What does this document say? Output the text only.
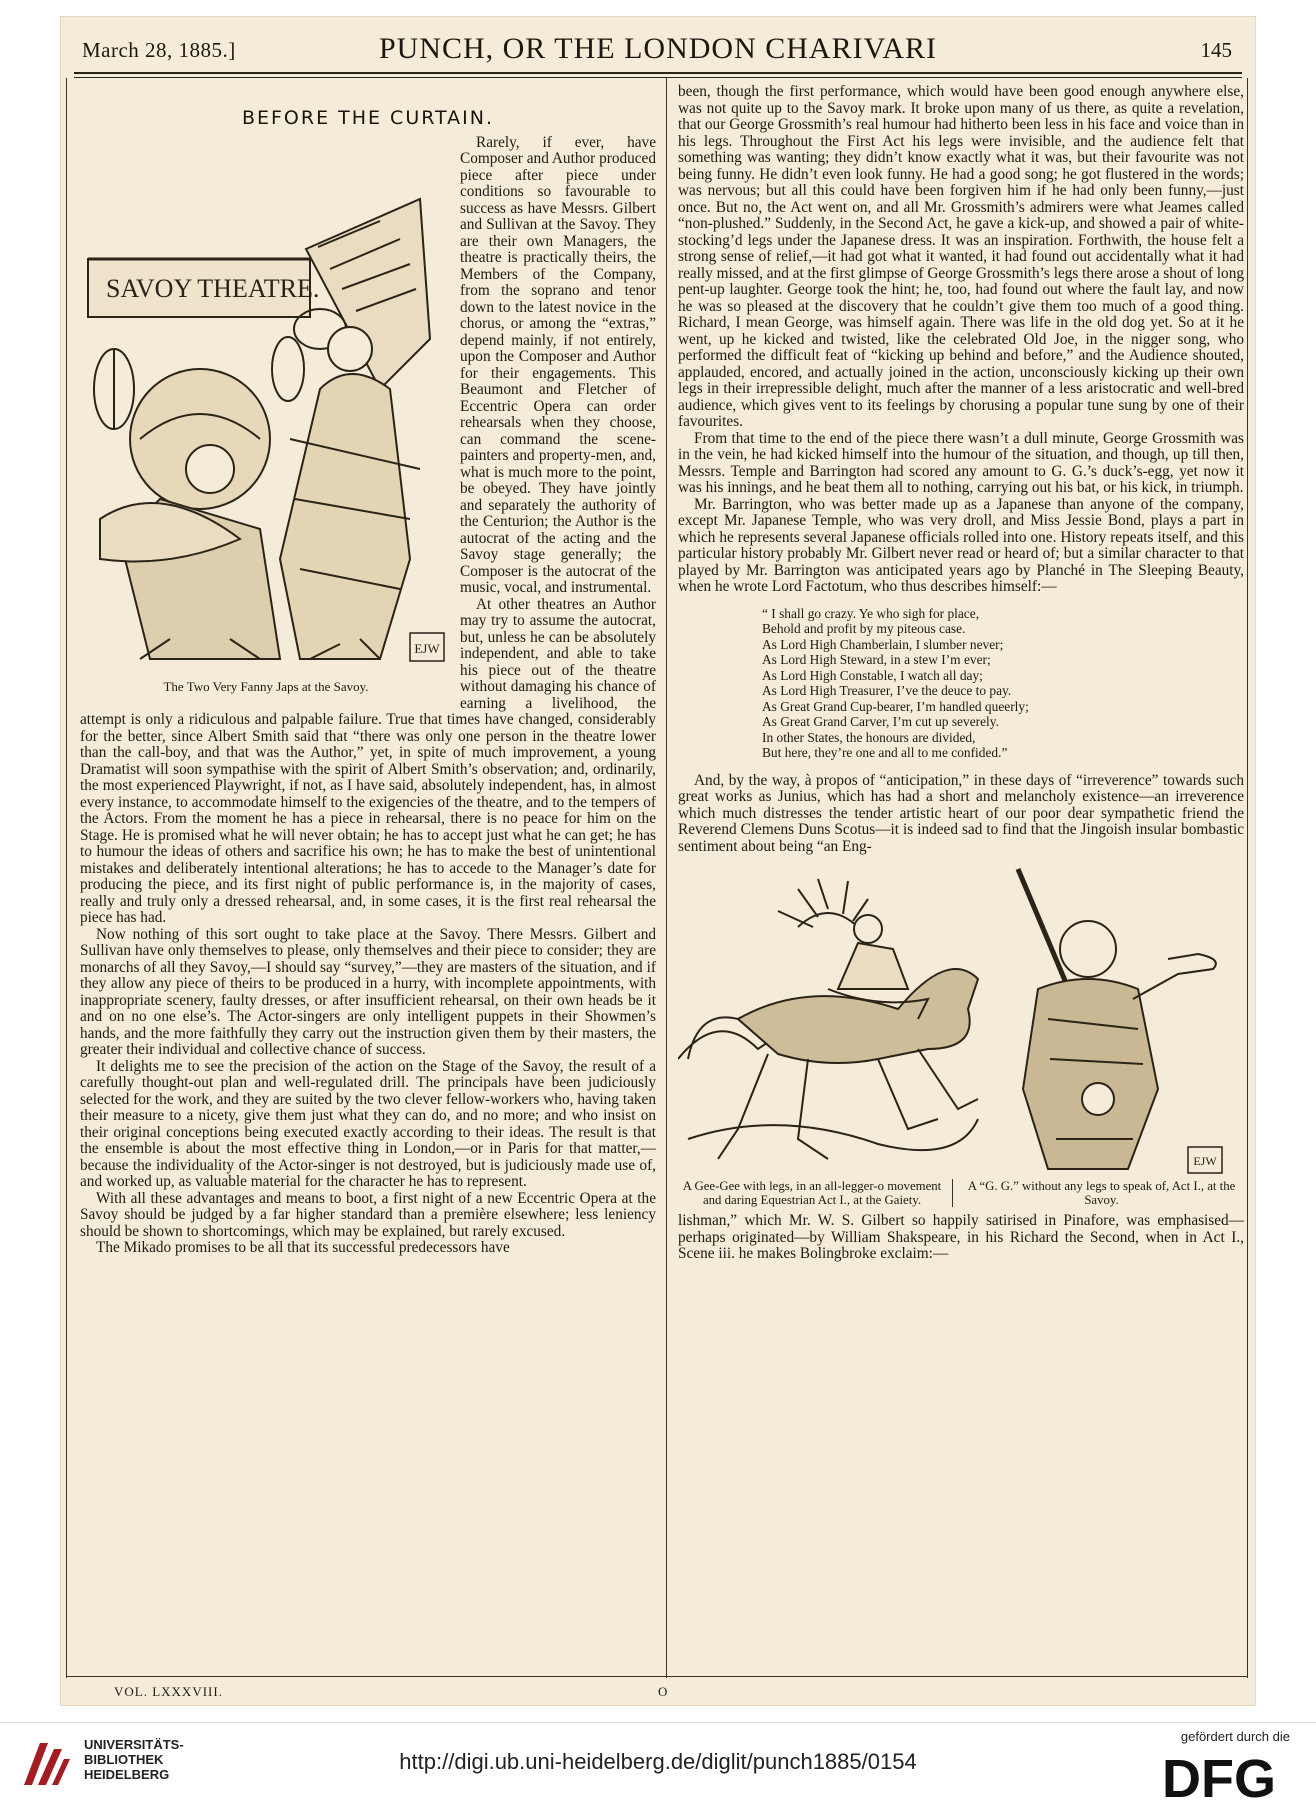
March 28, 1885.]	PUNCH, OR THE LONDON CHARIVARI	145
BEFORE THE CURTAIN.
SAVOY THEATRE.
EJW
The Two Very Fanny Japs at the Savoy.

Rarely, if ever, have Composer and Author produced piece after piece under conditions so favourable to success as have Messrs. Gilbert and Sullivan at the Savoy. They are their own Managers, the theatre is practically theirs, the Members of the Company, from the soprano and tenor down to the latest novice in the chorus, or among the “extras,” depend mainly, if not entirely, upon the Composer and Author for their engagements. This Beaumont and Fletcher of Eccentric Opera can order rehearsals when they choose, can command the scene-painters and property-men, and, what is much more to the point, be obeyed. They have jointly and separately the authority of the Centurion; the Author is the autocrat of the acting and the Savoy stage generally; the Composer is the autocrat of the music, vocal, and instrumental.

At other theatres an Author may try to assume the autocrat, but, unless he can be absolutely independent, and able to take his piece out of the theatre without damaging his chance of earning a livelihood, the attempt is only a ridiculous and palpable failure. True that times have changed, considerably for the better, since Albert Smith said that “there was only one person in the theatre lower than the call-boy, and that was the Author,” yet, in spite of much improvement, a young Dramatist will soon sympathise with the spirit of Albert Smith’s observation; and, ordinarily, the most experienced Playwright, if not, as I have said, absolutely independent, has, in almost every instance, to accommodate himself to the exigencies of the theatre, and to the tempers of the Actors. From the moment he has a piece in rehearsal, there is no peace for him on the Stage. He is promised what he will never obtain; he has to accept just what he can get; he has to humour the ideas of others and sacrifice his own; he has to make the best of unintentional mistakes and deliberately intentional alterations; he has to accede to the Manager’s date for producing the piece, and its first night of public performance is, in the majority of cases, really and truly only a dressed rehearsal, and, in some cases, it is the first real rehearsal the piece has had.

Now nothing of this sort ought to take place at the Savoy. There Messrs. Gilbert and Sullivan have only themselves to please, only themselves and their piece to consider; they are monarchs of all they Savoy,—I should say “survey,”—they are masters of the situation, and if they allow any piece of theirs to be produced in a hurry, with incomplete appointments, with inappropriate scenery, faulty dresses, or after insufficient rehearsal, on their own heads be it and on no one else’s. The Actor-singers are only intelligent puppets in their Showmen’s hands, and the more faithfully they carry out the instruction given them by their masters, the greater their individual and collective chance of success.

It delights me to see the precision of the action on the Stage of the Savoy, the result of a carefully thought-out plan and well-regulated drill. The principals have been judiciously selected for the work, and they are suited by the two clever fellow-workers who, having taken their measure to a nicety, give them just what they can do, and no more; and who insist on their original conceptions being executed exactly according to their ideas. The result is that the ensemble is about the most effective thing in London,—or in Paris for that matter,—because the individuality of the Actor-singer is not destroyed, but is judiciously made use of, and worked up, as valuable material for the character he has to represent.

With all these advantages and means to boot, a first night of a new Eccentric Opera at the Savoy should be judged by a far higher standard than a première elsewhere; less leniency should be shown to shortcomings, which may be explained, but rarely excused.

The Mikado promises to be all that its successful predecessors have

been, though the first performance, which would have been good enough anywhere else, was not quite up to the Savoy mark. It broke upon many of us there, as quite a revelation, that our George Grossmith’s real humour had hitherto been less in his face and voice than in his legs. Throughout the First Act his legs were invisible, and the audience felt that something was wanting; they didn’t know exactly what it was, but their favourite was not being funny. He didn’t even look funny. He had a good song; he got flustered in the words; was nervous; but all this could have been forgiven him if he had only been funny,—just once. But no, the Act went on, and all Mr. Grossmith’s admirers were what Jeames called “non-plushed.” Suddenly, in the Second Act, he gave a kick-up, and showed a pair of white-stocking’d legs under the Japanese dress. It was an inspiration. Forthwith, the house felt a strong sense of relief,—it had got what it wanted, it had found out accidentally what it had really missed, and at the first glimpse of George Grossmith’s legs there arose a shout of long pent-up laughter. George took the hint; he, too, had found out where the fault lay, and now he was so pleased at the discovery that he couldn’t give them too much of a good thing. Richard, I mean George, was himself again. There was life in the old dog yet. So at it he went, up he kicked and twisted, like the celebrated Old Joe, in the nigger song, who performed the difficult feat of “kicking up behind and before,” and the Audience shouted, applauded, encored, and actually joined in the action, unconsciously kicking up their own legs in their irrepressible delight, much after the manner of a less aristocratic and well-bred audience, which gives vent to its feelings by chorusing a popular tune sung by one of their favourites.

From that time to the end of the piece there wasn’t a dull minute, George Grossmith was in the vein, he had kicked himself into the humour of the situation, and though, up till then, Messrs. Temple and Barrington had scored any amount to G. G.’s duck’s-egg, yet now it was his innings, and he beat them all to nothing, carrying out his bat, or his kick, in triumph.

Mr. Barrington, who was better made up as a Japanese than anyone of the company, except Mr. Japanese Temple, who was very droll, and Miss Jessie Bond, plays a part in which he represents several Japanese officials rolled into one. History repeats itself, and this particular history probably Mr. Gilbert never read or heard of; but a similar character to that played by Mr. Barrington was anticipated years ago by Planché in The Sleeping Beauty, when he wrote Lord Factotum, who thus describes himself:—

“ I shall go crazy. Ye who sigh for place,
Behold and profit by my piteous case.
As Lord High Chamberlain, I slumber never;
As Lord High Steward, in a stew I’m ever;
As Lord High Constable, I watch all day;
As Lord High Treasurer, I’ve the deuce to pay.
As Great Grand Cup-bearer, I’m handled queerly;
As Great Grand Carver, I’m cut up severely.
In other States, the honours are divided,
But here, they’re one and all to me confided.”

And, by the way, à propos of “anticipation,” in these days of “irreverence” towards such great works as Junius, which has had a short and melancholy existence—an irreverence which much distresses the tender artistic heart of our poor dear sympathetic friend the Reverend Clemens Duns Scotus—it is indeed sad to find that the Jingoish insular bombastic sentiment about being “an Eng-

EJW
A Gee-Gee with legs, in an all-legger-o movement and daring Equestrian Act I., at the Gaiety.
A “G. G.” without any legs to speak of, Act I., at the Savoy.

lishman,” which Mr. W. S. Gilbert so happily satirised in Pinafore, was emphasised—perhaps originated—by William Shakspeare, in his Richard the Second, when in Act I., Scene iii. he makes Bolingbroke exclaim:—

VOL. LXXXVIII.	O
UNIVERSITÄTS-
BIBLIOTHEK
HEIDELBERG
http://digi.ub.uni-heidelberg.de/diglit/punch1885/0154
gefördert durch die
DFG
